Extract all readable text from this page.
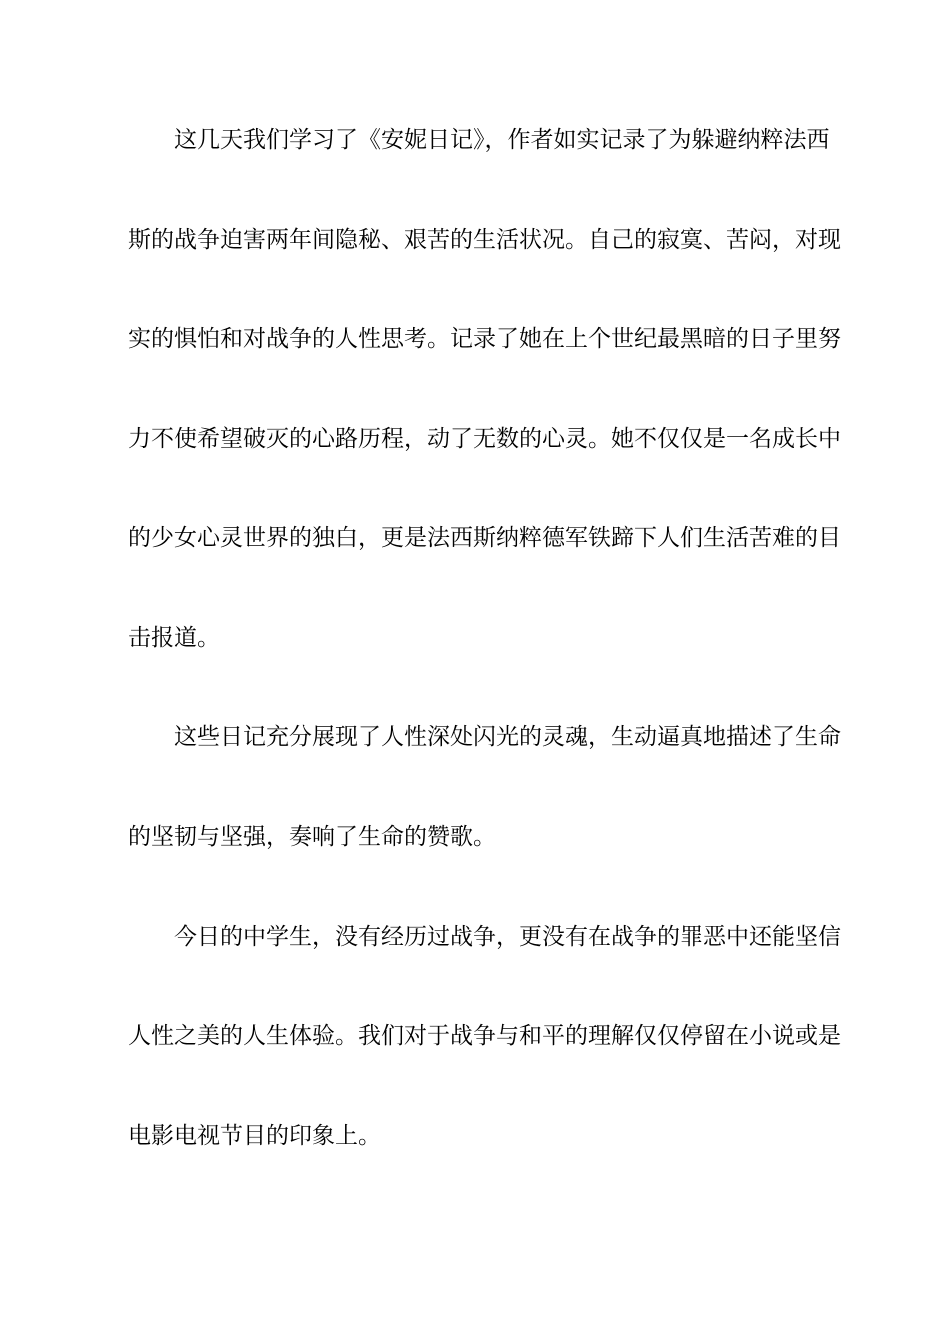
这几天我们学习了《安妮日记》，作者如实记录了为躲避纳粹法西
斯的战争迫害两年间隐秘、艰苦的生活状况。自己的寂寞、苦闷，对现
实的惧怕和对战争的人性思考。记录了她在上个世纪最黑暗的日子里努
力不使希望破灭的心路历程，动了无数的心灵。她不仅仅是一名成长中
的少女心灵世界的独白，更是法西斯纳粹德军铁蹄下人们生活苦难的目
击报道。
这些日记充分展现了人性深处闪光的灵魂，生动逼真地描述了生命
的坚韧与坚强，奏响了生命的赞歌。
今日的中学生，没有经历过战争，更没有在战争的罪恶中还能坚信
人性之美的人生体验。我们对于战争与和平的理解仅仅停留在小说或是
电影电视节目的印象上。
